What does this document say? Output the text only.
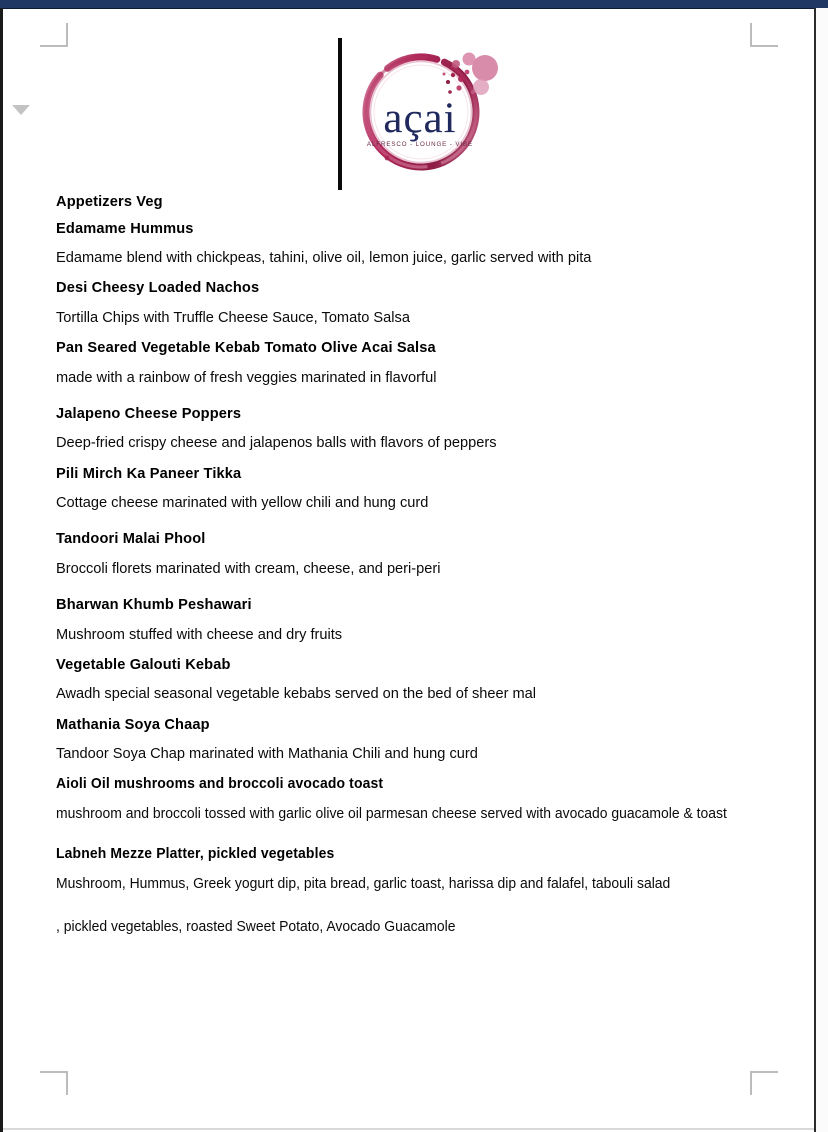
açai
ALFRESCO - LOUNGE - VIBE
Appetizers Veg
Edamame Hummus
Edamame blend with chickpeas, tahini, olive oil, lemon juice, garlic served with pita
Desi Cheesy Loaded Nachos
Tortilla Chips with Truffle Cheese Sauce, Tomato Salsa
Pan Seared Vegetable Kebab Tomato Olive Acai Salsa
made with a rainbow of fresh veggies marinated in flavorful
Jalapeno Cheese Poppers
Deep-fried crispy cheese and jalapenos balls with flavors of peppers
Pili Mirch Ka Paneer Tikka
Cottage cheese marinated with yellow chili and hung curd
Tandoori Malai Phool
Broccoli florets marinated with cream, cheese, and peri-peri
Bharwan Khumb Peshawari
Mushroom stuffed with cheese and dry fruits
Vegetable Galouti Kebab
Awadh special seasonal vegetable kebabs served on the bed of sheer mal
Mathania Soya Chaap
Tandoor Soya Chap marinated with Mathania Chili and hung curd
Aioli Oil mushrooms and broccoli avocado toast
mushroom and broccoli tossed with garlic olive oil parmesan cheese served with avocado guacamole & toast
Labneh Mezze Platter, pickled vegetables
Mushroom, Hummus, Greek yogurt dip, pita bread, garlic toast, harissa dip and falafel, tabouli salad
, pickled vegetables, roasted Sweet Potato, Avocado Guacamole
